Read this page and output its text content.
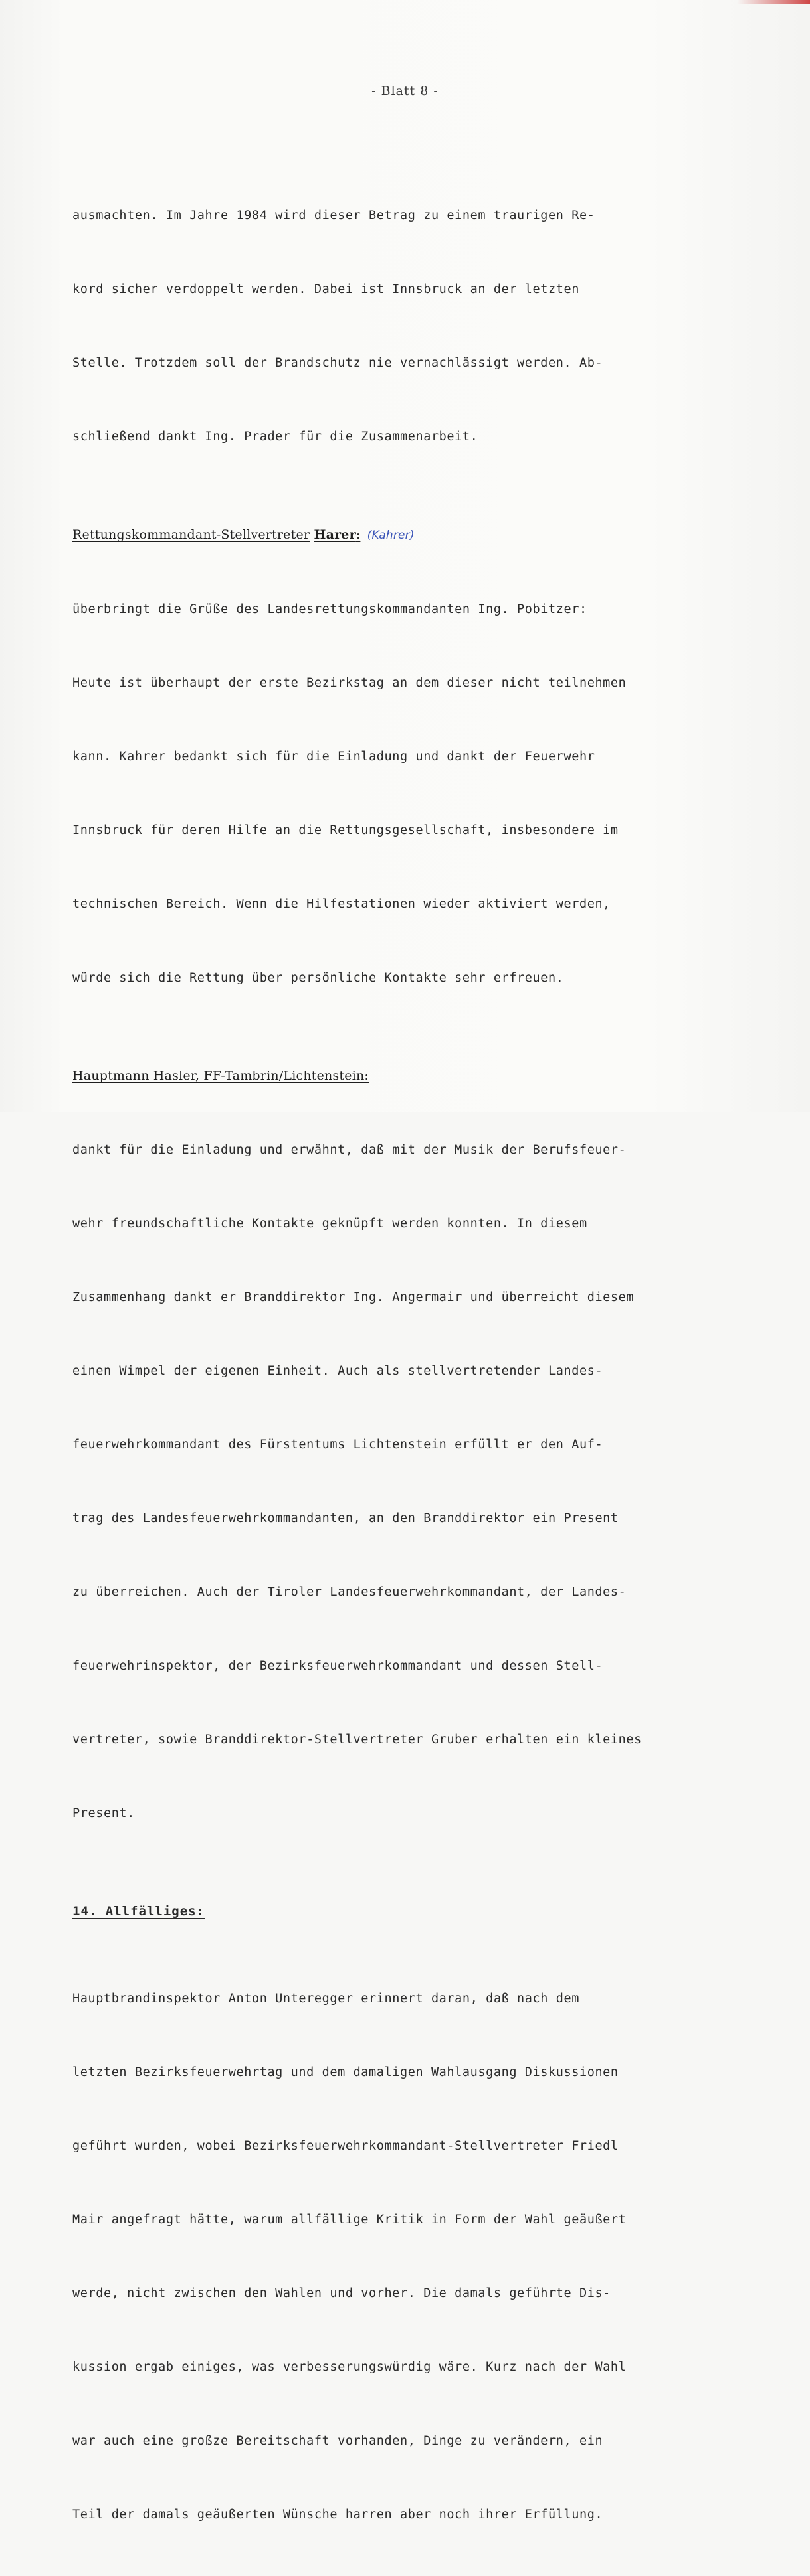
- Blatt 8 -

ausmachten. Im Jahre 1984 wird dieser Betrag zu einem traurigen Re-

kord sicher verdoppelt werden. Dabei ist Innsbruck an der letzten

Stelle. Trotzdem soll der Brandschutz nie vernachlässigt werden. Ab-

schließend dankt Ing. Prader für die Zusammenarbeit.

Rettungskommandant-Stellvertreter Harer: (Kahrer)

überbringt die Grüße des Landesrettungskommandanten Ing. Pobitzer:

Heute ist überhaupt der erste Bezirkstag an dem dieser nicht teilnehmen

kann. Kahrer bedankt sich für die Einladung und dankt der Feuerwehr

Innsbruck für deren Hilfe an die Rettungsgesellschaft, insbesondere im

technischen Bereich. Wenn die Hilfestationen wieder aktiviert werden,

würde sich die Rettung über persönliche Kontakte sehr erfreuen.

Hauptmann Hasler, FF-Tambrin/Lichtenstein:

dankt für die Einladung und erwähnt, daß mit der Musik der Berufsfeuer-

wehr freundschaftliche Kontakte geknüpft werden konnten. In diesem

Zusammenhang dankt er Branddirektor Ing. Angermair und überreicht diesem

einen Wimpel der eigenen Einheit. Auch als stellvertretender Landes-

feuerwehrkommandant des Fürstentums Lichtenstein erfüllt er den Auf-

trag des Landesfeuerwehrkommandanten, an den Branddirektor ein Present

zu überreichen. Auch der Tiroler Landesfeuerwehrkommandant, der Landes-

feuerwehrinspektor, der Bezirksfeuerwehrkommandant und dessen Stell-

vertreter, sowie Branddirektor-Stellvertreter Gruber erhalten ein kleines

Present.

14. Allfälliges:

Hauptbrandinspektor Anton Unteregger erinnert daran, daß nach dem

letzten Bezirksfeuerwehrtag und dem damaligen Wahlausgang Diskussionen

geführt wurden, wobei Bezirksfeuerwehrkommandant-Stellvertreter Friedl

Mair angefragt hätte, warum allfällige Kritik in Form der Wahl geäußert

werde, nicht zwischen den Wahlen und vorher. Die damals geführte Dis-

kussion ergab einiges, was verbesserungswürdig wäre. Kurz nach der Wahl

war auch eine großze Bereitschaft vorhanden, Dinge zu verändern, ein

Teil der damals geäußerten Wünsche harren aber noch ihrer Erfüllung.
